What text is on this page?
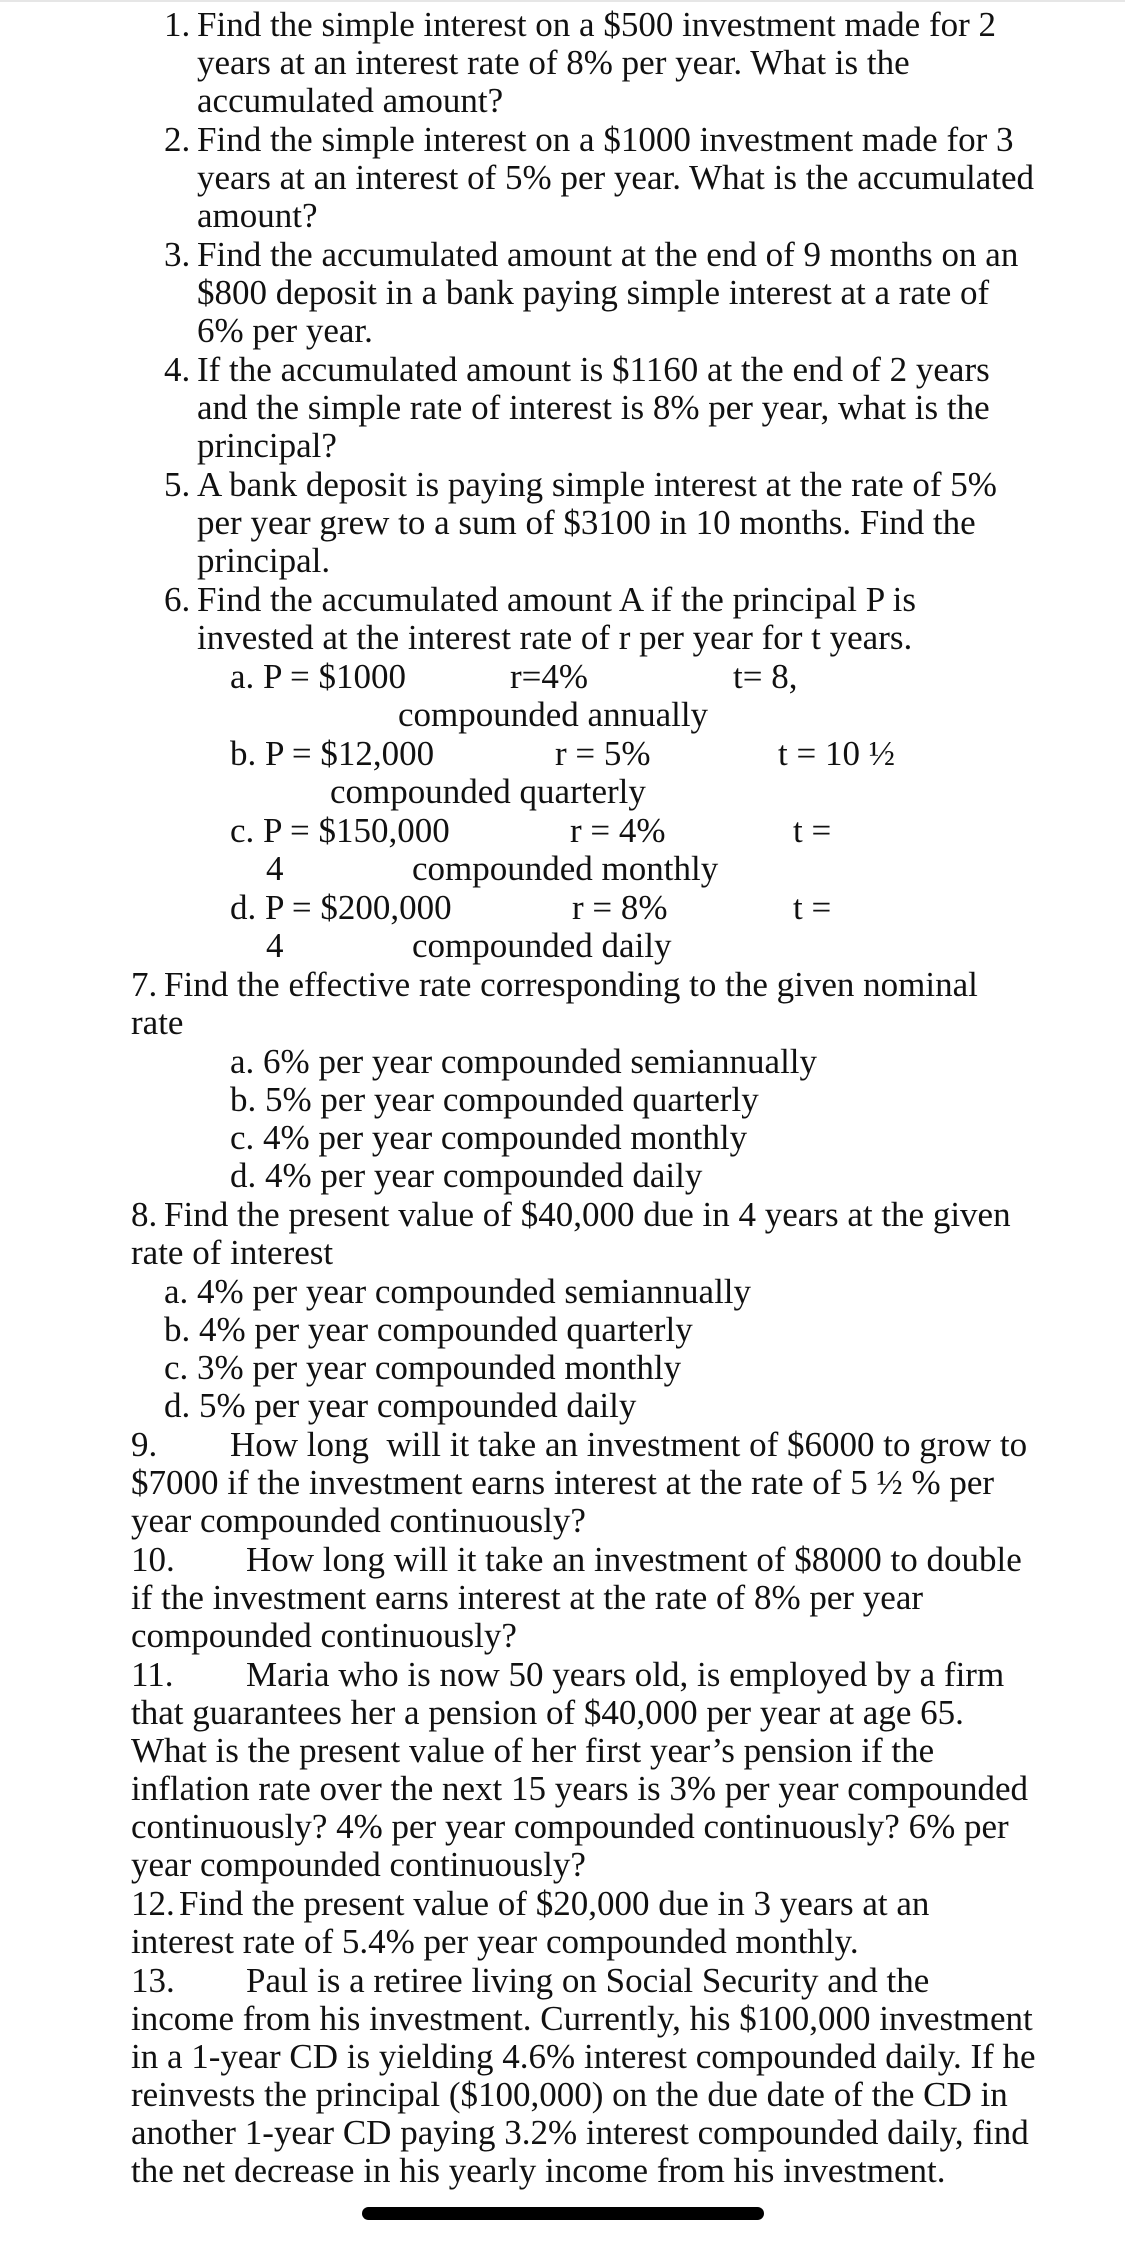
1. Find the simple interest on a $500 investment made for 2
years at an interest rate of 8% per year. What is the
accumulated amount?
2. Find the simple interest on a $1000 investment made for 3
years at an interest of 5% per year. What is the accumulated
amount?
3. Find the accumulated amount at the end of 9 months on an
$800 deposit in a bank paying simple interest at a rate of
6% per year.
4. If the accumulated amount is $1160 at the end of 2 years
and the simple rate of interest is 8% per year, what is the
principal?
5. A bank deposit is paying simple interest at the rate of 5%
per year grew to a sum of $3100 in 10 months. Find the
principal.
6. Find the accumulated amount A if the principal P is
invested at the interest rate of r per year for t years.
a. P = $1000	r=4%	t= 8,
compounded annually
b. P = $12,000	r = 5%	t = 10 ½
compounded quarterly
c. P = $150,000	r = 4%	t =
4	compounded monthly
d. P = $200,000	r = 8%	t =
4	compounded daily
7. Find the effective rate corresponding to the given nominal
rate
a. 6% per year compounded semiannually
b. 5% per year compounded quarterly
c. 4% per year compounded monthly
d. 4% per year compounded daily
8. Find the present value of $40,000 due in 4 years at the given
rate of interest
a. 4% per year compounded semiannually
b. 4% per year compounded quarterly
c. 3% per year compounded monthly
d. 5% per year compounded daily
9. How long  will it take an investment of $6000 to grow to
$7000 if the investment earns interest at the rate of 5 ½ % per
year compounded continuously?
10. How long will it take an investment of $8000 to double
if the investment earns interest at the rate of 8% per year
compounded continuously?
11. Maria who is now 50 years old, is employed by a firm
that guarantees her a pension of $40,000 per year at age 65.
What is the present value of her first year’s pension if the
inflation rate over the next 15 years is 3% per year compounded
continuously? 4% per year compounded continuously? 6% per
year compounded continuously?
12. Find the present value of $20,000 due in 3 years at an
interest rate of 5.4% per year compounded monthly.
13. Paul is a retiree living on Social Security and the
income from his investment. Currently, his $100,000 investment
in a 1-year CD is yielding 4.6% interest compounded daily. If he
reinvests the principal ($100,000) on the due date of the CD in
another 1-year CD paying 3.2% interest compounded daily, find
the net decrease in his yearly income from his investment.
